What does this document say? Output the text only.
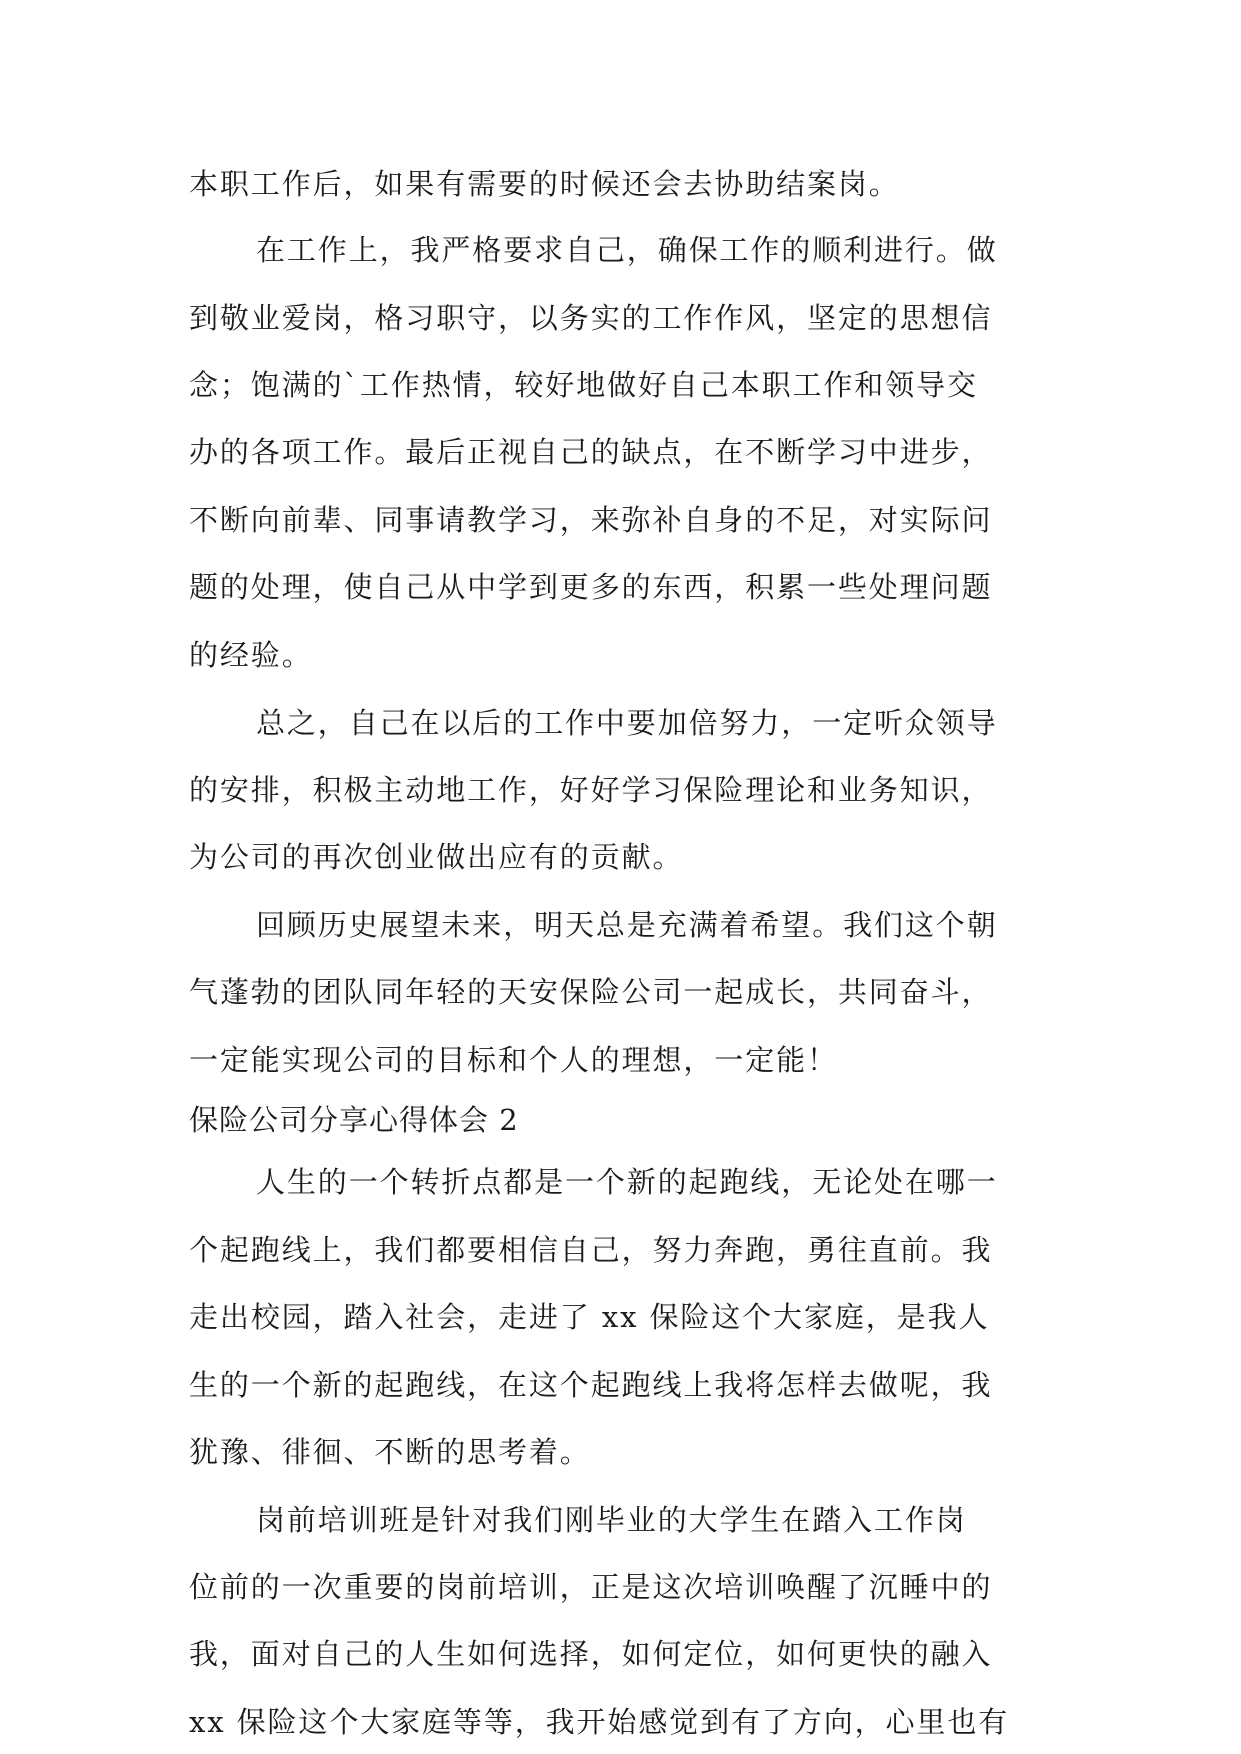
本职工作后，如果有需要的时候还会去协助结案岗。
在工作上，我严格要求自己，确保工作的顺利进行。做
到敬业爱岗，格习职守，以务实的工作作风，坚定的思想信
念；饱满的`工作热情，较好地做好自己本职工作和领导交
办的各项工作。最后正视自己的缺点，在不断学习中进步，
不断向前辈、同事请教学习，来弥补自身的不足，对实际问
题的处理，使自己从中学到更多的东西，积累一些处理问题
的经验。
总之，自己在以后的工作中要加倍努力，一定听众领导
的安排，积极主动地工作，好好学习保险理论和业务知识，
为公司的再次创业做出应有的贡献。
回顾历史展望未来，明天总是充满着希望。我们这个朝
气蓬勃的团队同年轻的天安保险公司一起成长，共同奋斗，
一定能实现公司的目标和个人的理想，一定能！
保险公司分享心得体会 2
人生的一个转折点都是一个新的起跑线，无论处在哪一
个起跑线上，我们都要相信自己，努力奔跑，勇往直前。我
走出校园，踏入社会，走进了 xx 保险这个大家庭，是我人
生的一个新的起跑线，在这个起跑线上我将怎样去做呢，我
犹豫、徘徊、不断的思考着。
岗前培训班是针对我们刚毕业的大学生在踏入工作岗
位前的一次重要的岗前培训，正是这次培训唤醒了沉睡中的
我，面对自己的人生如何选择，如何定位，如何更快的融入
xx 保险这个大家庭等等，我开始感觉到有了方向，心里也有
